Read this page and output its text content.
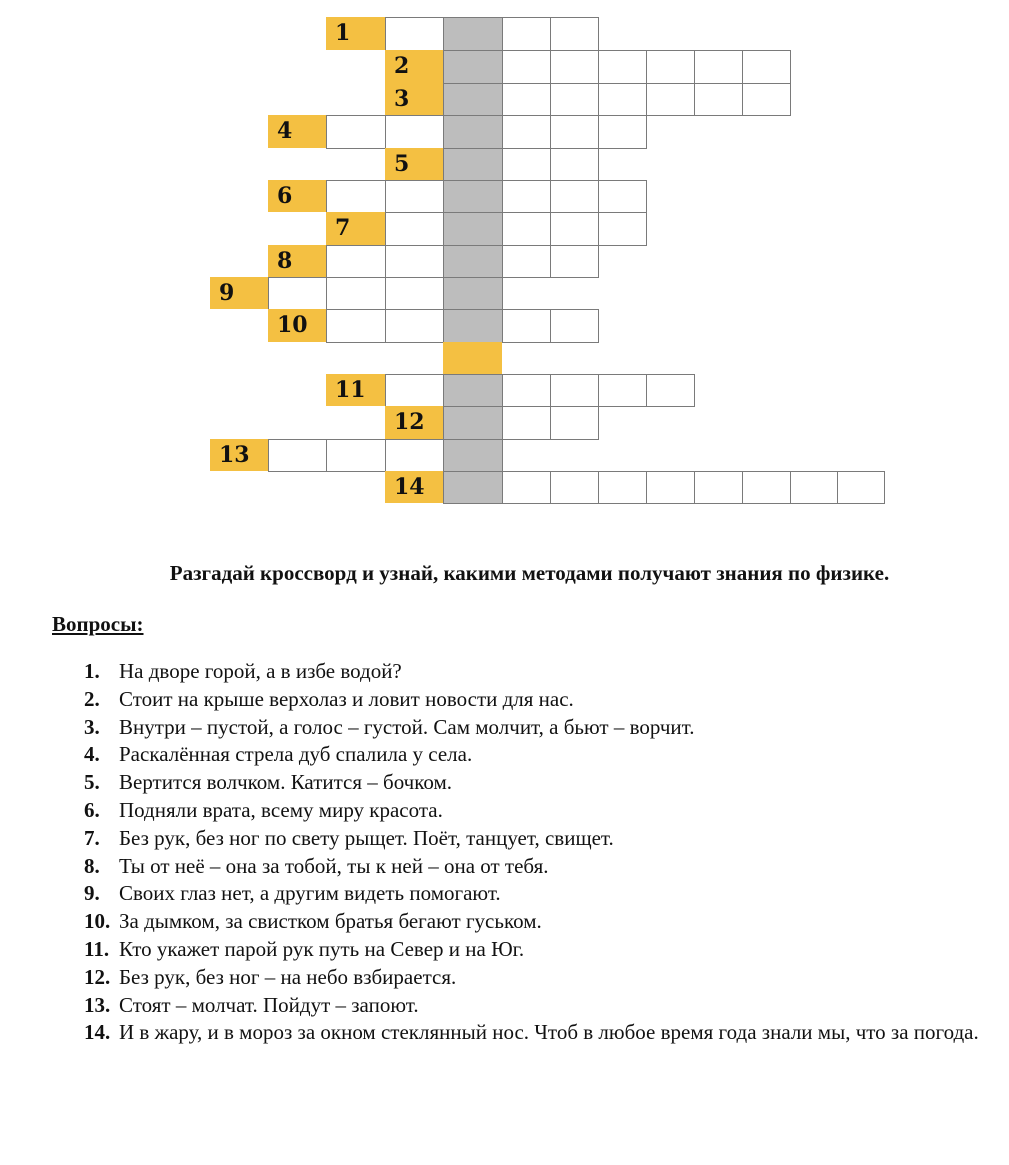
1
2
3
4
5
6
7
8
9
10
11
12
13
14
Разгадай кроссворд и узнай, какими методами получают знания по физике.
Вопросы:
1. На дворе горой, а в избе водой?
2. Стоит на крыше верхолаз и ловит новости для нас.
3. Внутри – пустой, а голос – густой. Сам молчит, а бьют – ворчит.
4. Раскалённая стрела дуб спалила у села.
5. Вертится волчком. Катится – бочком.
6. Подняли врата, всему миру красота.
7. Без рук, без ног по свету рыщет. Поёт, танцует, свищет.
8. Ты от неё – она за тобой, ты к ней – она от тебя.
9. Своих глаз нет, а другим видеть помогают.
10. За дымком, за свистком братья бегают гуськом.
11. Кто укажет парой рук путь на Север и на Юг.
12. Без рук, без ног – на небо взбирается.
13. Стоят – молчат. Пойдут – запоют.
14. И в жару, и в мороз за окном стеклянный нос. Чтоб в любое время года знали мы, что за погода.
